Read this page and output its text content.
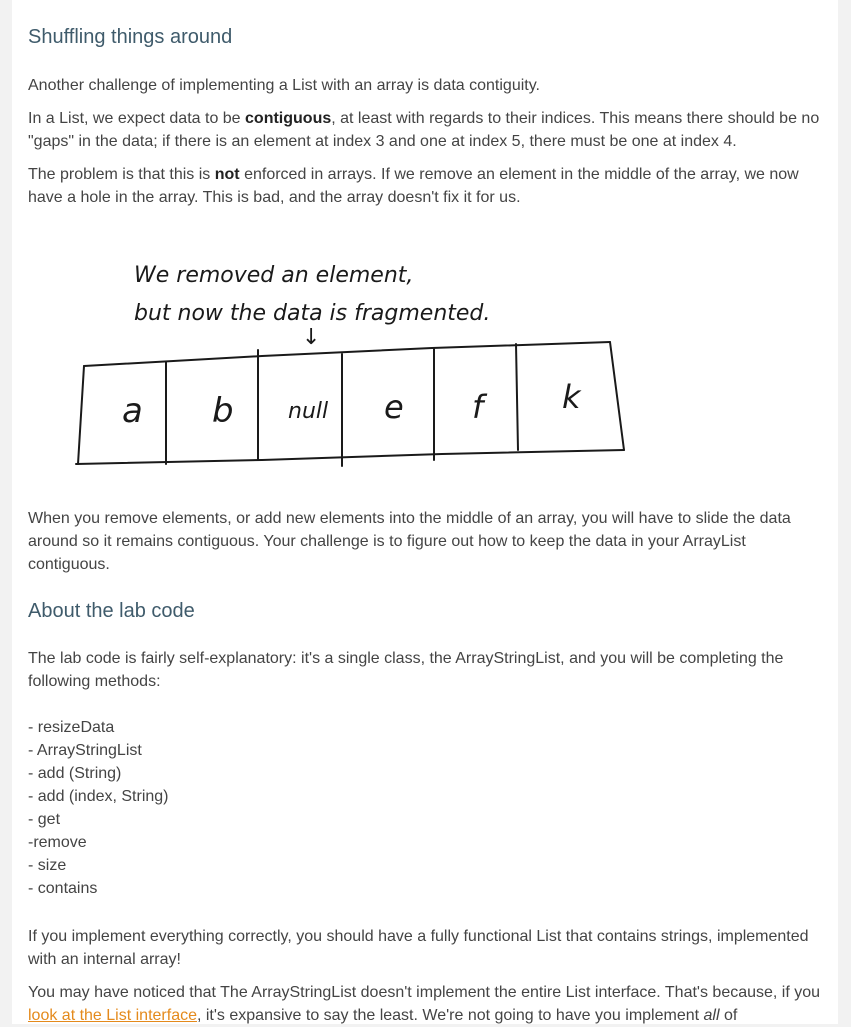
Shuffling things around

Another challenge of implementing a List with an array is data contiguity.

In a List, we expect data to be contiguous, at least with regards to their indices. This means there should be no "gaps" in the data; if there is an element at index 3 and one at index 5, there must be one at index 4.

The problem is that this is not enforced in arrays. If we remove an element in the middle of the array, we now have a hole in the array. This is bad, and the array doesn't fix it for us.

We removed an element,
but now the data is fragmented.
↓
a b null e f k

When you remove elements, or add new elements into the middle of an array, you will have to slide the data around so it remains contiguous. Your challenge is to figure out how to keep the data in your ArrayList contiguous.

About the lab code

The lab code is fairly self-explanatory: it's a single class, the ArrayStringList, and you will be completing the following methods:

- resizeData
- ArrayStringList
- add (String)
- add (index, String)
- get
-remove
- size
- contains

If you implement everything correctly, you should have a fully functional List that contains strings, implemented with an internal array!

You may have noticed that The ArrayStringList doesn't implement the entire List interface. That's because, if you look at the List interface, it's expansive to say the least. We're not going to have you implement all of
